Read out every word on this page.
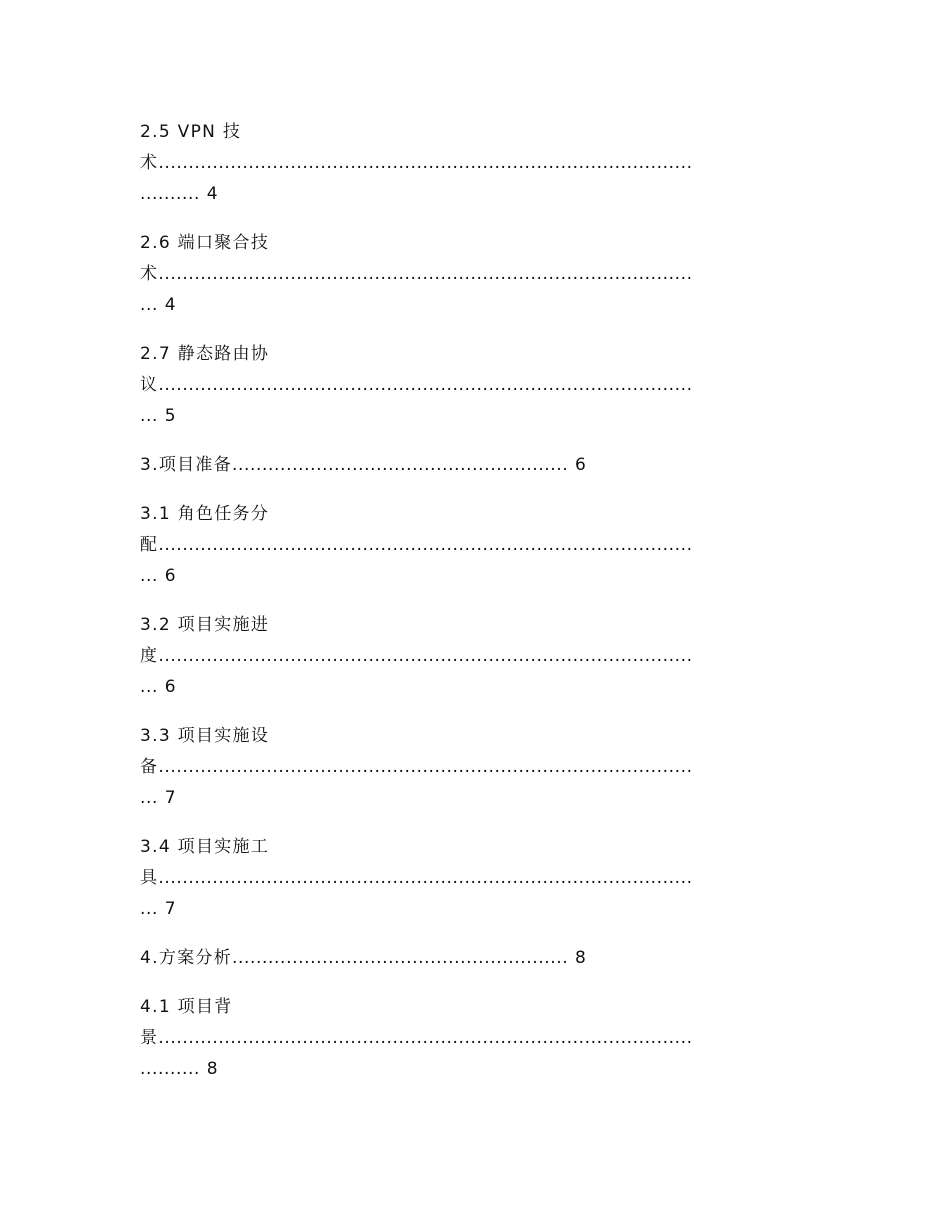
2.5 VPN 技
术.........................................................................................
.......... 4
2.6 端口聚合技
术.........................................................................................
... 4
2.7 静态路由协
议.........................................................................................
... 5
3.项目准备........................................................ 6
3.1 角色任务分
配.........................................................................................
... 6
3.2 项目实施进
度.........................................................................................
... 6
3.3 项目实施设
备.........................................................................................
... 7
3.4 项目实施工
具.........................................................................................
... 7
4.方案分析........................................................ 8
4.1 项目背
景.........................................................................................
.......... 8
